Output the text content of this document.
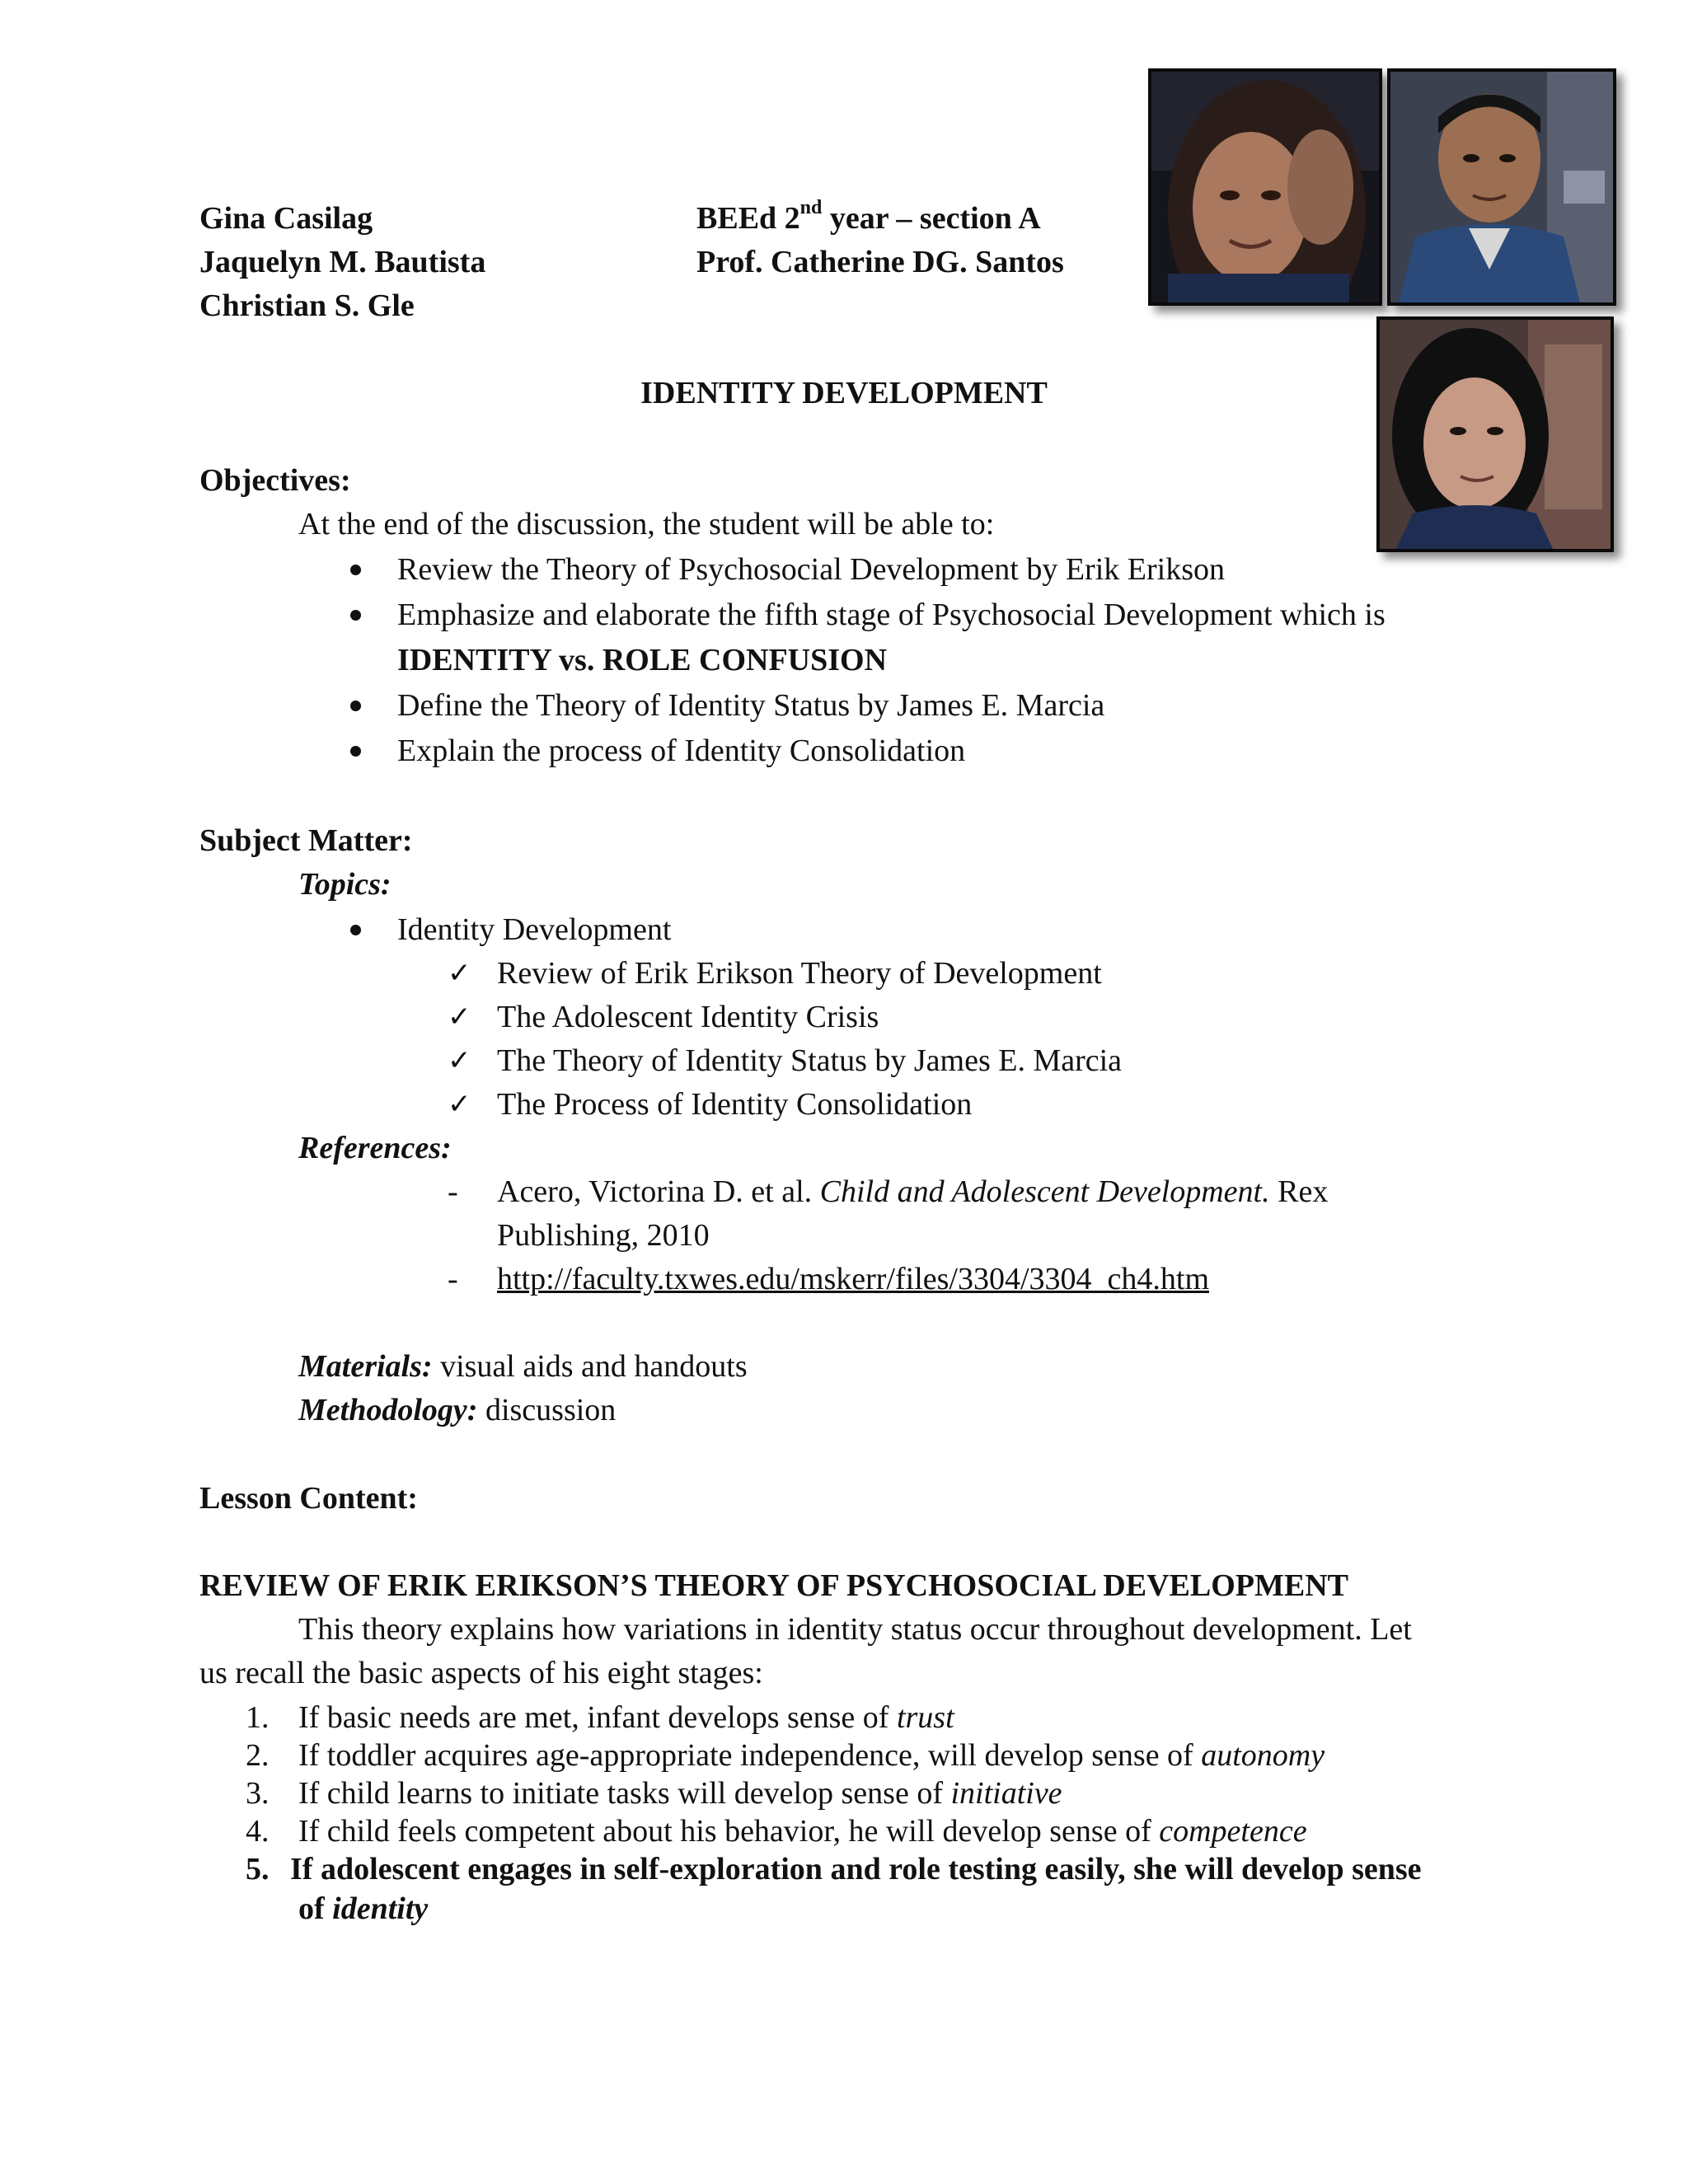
Gina Casilag
Jaquelyn M. Bautista
Christian S. Gle
BEEd 2nd year – section A
Prof. Catherine DG. Santos
IDENTITY DEVELOPMENT
Objectives:
At the end of the discussion, the student will be able to:
Review the Theory of Psychosocial Development by Erik Erikson
Emphasize and elaborate the fifth stage of Psychosocial Development which is
IDENTITY vs. ROLE CONFUSION
Define the Theory of Identity Status by James E. Marcia
Explain the process of Identity Consolidation
Subject Matter:
Topics:
Identity Development
✓ Review of Erik Erikson Theory of Development
✓ The Adolescent Identity Crisis
✓ The Theory of Identity Status by James E. Marcia
✓ The Process of Identity Consolidation
References:
- Acero, Victorina D. et al. Child and Adolescent Development. Rex
Publishing, 2010
- http://faculty.txwes.edu/mskerr/files/3304/3304_ch4.htm
Materials: visual aids and handouts
Methodology: discussion
Lesson Content:
REVIEW OF ERIK ERIKSON’S THEORY OF PSYCHOSOCIAL DEVELOPMENT
This theory explains how variations in identity status occur throughout development. Let
us recall the basic aspects of his eight stages:
1. If basic needs are met, infant develops sense of trust
2. If toddler acquires age-appropriate independence, will develop sense of autonomy
3. If child learns to initiate tasks will develop sense of initiative
4. If child feels competent about his behavior, he will develop sense of competence
5. If adolescent engages in self-exploration and role testing easily, she will develop sense
of identity
